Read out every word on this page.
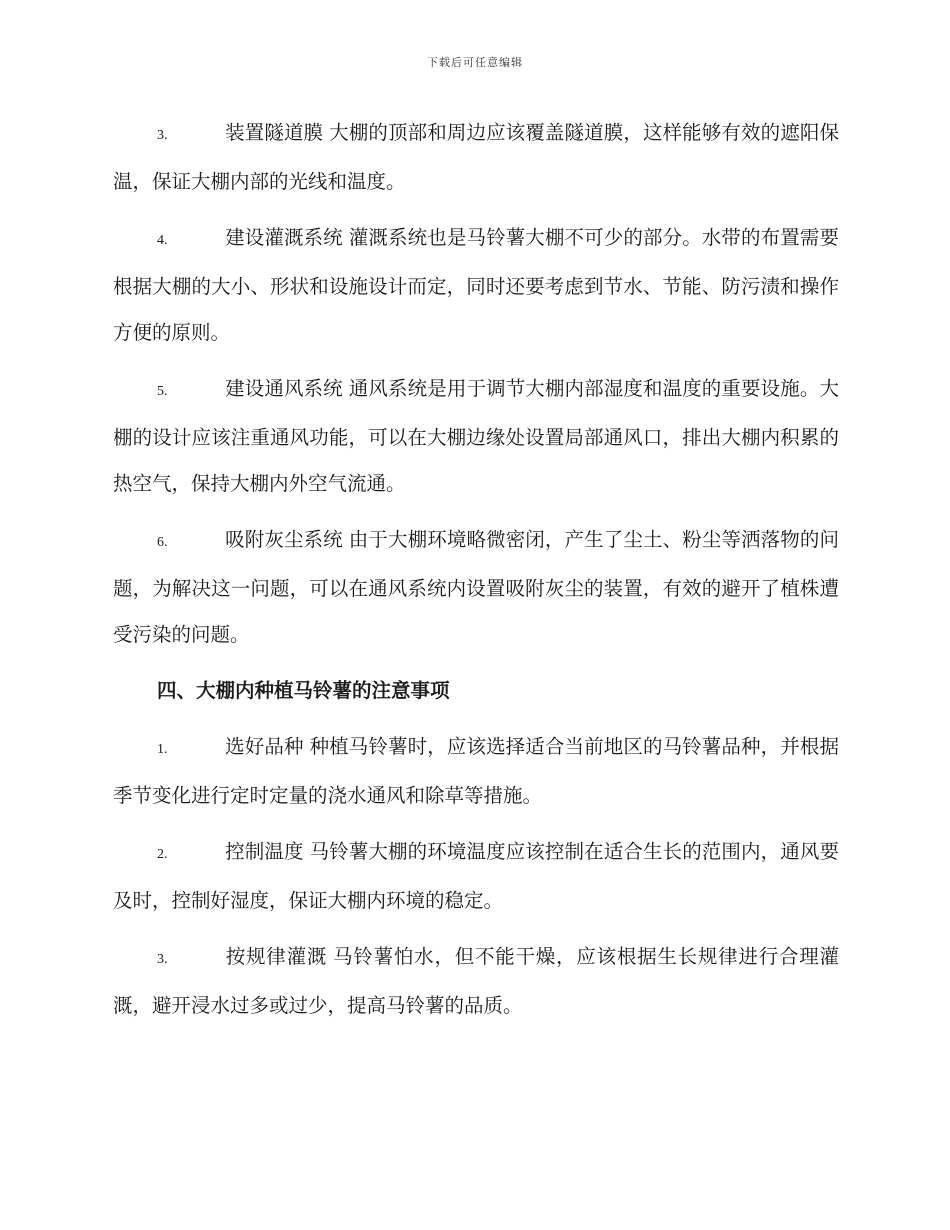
下载后可任意编辑

3.	装置隧道膜 大棚的顶部和周边应该覆盖隧道膜，这样能够有效的遮阳保温，保证大棚内部的光线和温度。

4.	建设灌溉系统 灌溉系统也是马铃薯大棚不可少的部分。水带的布置需要根据大棚的大小、形状和设施设计而定，同时还要考虑到节水、节能、防污渍和操作方便的原则。

5.	建设通风系统 通风系统是用于调节大棚内部湿度和温度的重要设施。大棚的设计应该注重通风功能，可以在大棚边缘处设置局部通风口，排出大棚内积累的热空气，保持大棚内外空气流通。

6.	吸附灰尘系统 由于大棚环境略微密闭，产生了尘土、粉尘等洒落物的问题，为解决这一问题，可以在通风系统内设置吸附灰尘的装置，有效的避开了植株遭受污染的问题。

四、大棚内种植马铃薯的注意事项

1.	选好品种 种植马铃薯时，应该选择适合当前地区的马铃薯品种，并根据季节变化进行定时定量的浇水通风和除草等措施。

2.	控制温度 马铃薯大棚的环境温度应该控制在适合生长的范围内，通风要及时，控制好湿度，保证大棚内环境的稳定。

3.	按规律灌溉 马铃薯怕水，但不能干燥，应该根据生长规律进行合理灌溉，避开浸水过多或过少，提高马铃薯的品质。
